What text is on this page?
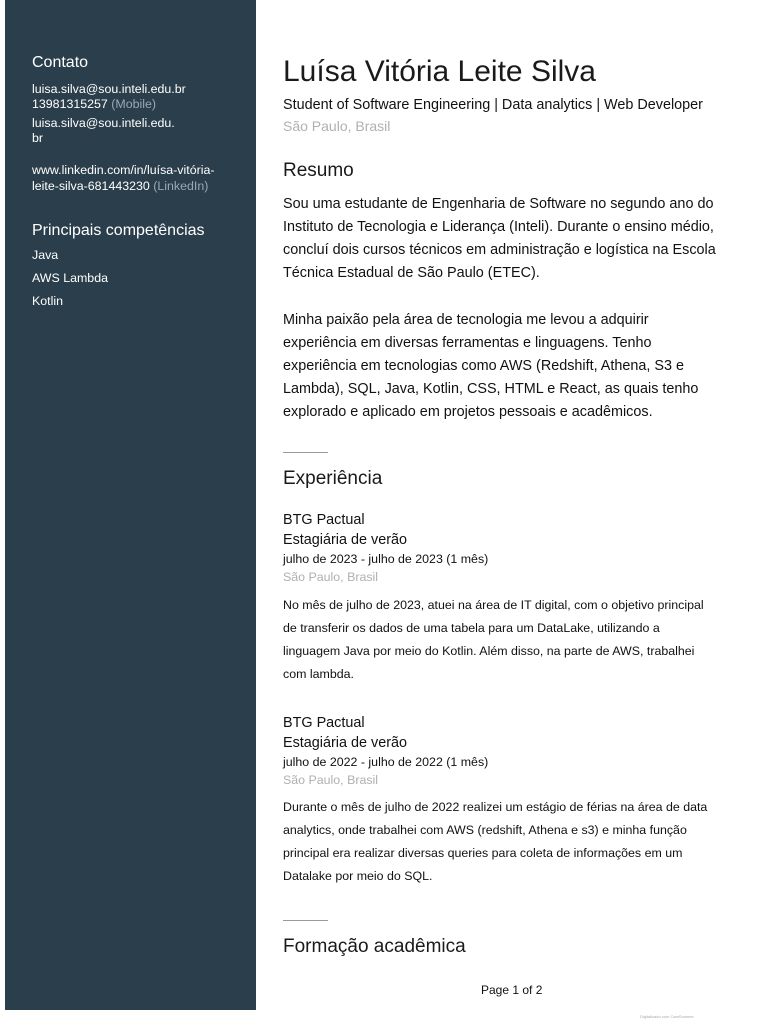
Contato
luisa.silva@sou.inteli.edu.br
13981315257 (Mobile)
luisa.silva@sou.inteli.edu.
br
www.linkedin.com/in/luísa-vitória-
leite-silva-681443230 (LinkedIn)
Principais competências
Java
AWS Lambda
Kotlin
Luísa Vitória Leite Silva
Student of Software Engineering | Data analytics | Web Developer
São Paulo, Brasil
Resumo
Sou uma estudante de Engenharia de Software no segundo ano do
Instituto de Tecnologia e Liderança (Inteli). Durante o ensino médio,
concluí dois cursos técnicos em administração e logística na Escola
Técnica Estadual de São Paulo (ETEC).
Minha paixão pela área de tecnologia me levou a adquirir
experiência em diversas ferramentas e linguagens. Tenho
experiência em tecnologias como AWS (Redshift, Athena, S3 e
Lambda), SQL, Java, Kotlin, CSS, HTML e React, as quais tenho
explorado e aplicado em projetos pessoais e acadêmicos.
Experiência
BTG Pactual
Estagiária de verão
julho de 2023 - julho de 2023 (1 mês)
São Paulo, Brasil
No mês de julho de 2023, atuei na área de IT digital, com o objetivo principal
de transferir os dados de uma tabela para um DataLake, utilizando a
linguagem Java por meio do Kotlin. Além disso, na parte de AWS, trabalhei
com lambda.
BTG Pactual
Estagiária de verão
julho de 2022 - julho de 2022 (1 mês)
São Paulo, Brasil
Durante o mês de julho de 2022 realizei um estágio de férias na área de data
analytics, onde trabalhei com AWS (redshift, Athena e s3) e minha função
principal era realizar diversas queries para coleta de informações em um
Datalake por meio do SQL.
Formação acadêmica
Page 1 of 2
Digitalizado com CamScanner
